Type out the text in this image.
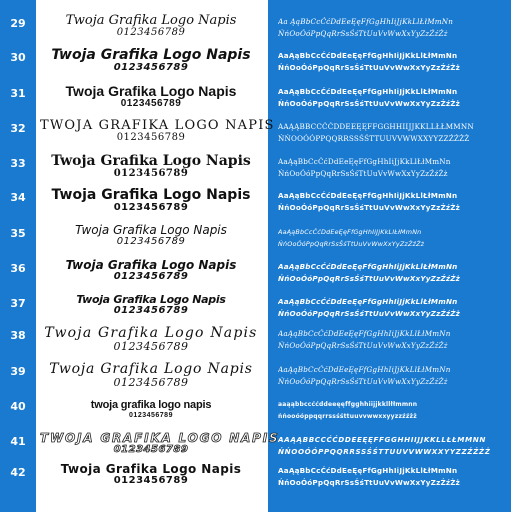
29	Twoja Grafika Logo Napis
0123456789
Aa ĄąBbCcĆćDdEeĘęFfGgHhIiJjKkLlŁłMmNn
ŃńOoÓóPpQqRrSsŚśTtUuVvWwXxYyZzŹźŻż
30	Twoja Grafika Logo Napis
0123456789
AaĄąBbCcĆćDdEeĘęFfGgHhIiJjKkLlŁłMmNn
ŃńOoÓóPpQqRrSsŚśTtUuVvWwXxYyZzŹźŻż
31	Twoja Grafika Logo Napis
0123456789
AaĄąBbCcĆćDdEeĘęFfGgHhIiJjKkLlŁłMmNn
ŃńOoÓóPpQqRrSsŚśTtUuVvWwXxYyZzŹźŻż
32	TWOJA GRAFIKA LOGO NAPIS
0123456789
AAĄĄBBCCĆĆDDEEĘĘFFGGHHIIJJKKLLŁŁMMNN
ŃŃOOÓÓPPQQRRSSŚŚTTUUVVWWXXYYZZŹŹŻŻ
33	Twoja Grafika Logo Napis
0123456789
AaĄąBbCcĆćDdEeĘęFfGgHhIiJjKkLlŁłMmNn
ŃńOoÓóPpQqRrSsŚśTtUuVvWwXxYyZzŹźŻż
34	Twoja Grafika Logo Napis
0123456789
AaĄąBbCcĆćDdEeĘęFfGgHhIiJjKkLlŁłMmNn
ŃńOoÓóPpQqRrSsŚśTtUuVvWwXxYyZzŹźŻż
35	Twoja Grafika Logo Napis
0123456789
AaĄąBbCcĆćDdEeĘęFfGgHhIiJjKkLlŁłMmNn
ŃńOoÓóPpQqRrSsŚśTtUuVvWwXxYyZzŹźŻż
36	Twoja Grafika Logo Napis
0123456789
AaĄąBbCcĆćDdEeĘęFfGgHhIiJjKkLlŁłMmNn
ŃńOoÓóPpQqRrSsŚśTtUuVvWwXxYyZzŹźŻż
37	Twoja Grafika Logo Napis
0123456789
AaĄąBbCcĆćDdEeĘęFfGgHhIiJjKkLlŁłMmNn
ŃńOoÓóPpQqRrSsŚśTtUuVvWwXxYyZzŹźŻż
38	Twoja Grafika Logo Napis
0123456789
AaĄąBbCcĆćDdEeĘęFfGgHhIiJjKkLlŁłMmNn
ŃńOoÓóPpQqRrSsŚśTtUuVvWwXxYyZzŹźŻż
39	Twoja Grafika Logo Napis
0123456789
AaĄąBbCcĆćDdEeĘęFfGgHhIiJjKkLlŁłMmNn
ŃńOoÓóPpQqRrSsŚśTtUuVvWwXxYyZzŹźŻż
40	twoja grafika logo napis
0123456789
aaąąbbccććddeeęęffgghhiijjkkllłłmmnn
ńńooóóppqqrrssśśttuuvvwwxxyyzzźźżż
41	TWOJA GRAFIKA LOGO NAPIS
0123456789
AAĄĄBBCCĆĆDDEEĘĘFFGGHHIIJJKKLLŁŁMMNN
ŃŃOOÓÓPPQQRRSSŚŚTTUUVVWWXXYYZZŹŹŻŻ
42	Twoja Grafika Logo Napis
0123456789
AaĄąBbCcĆćDdEeĘęFfGgHhIiJjKkLlŁłMmNn
ŃńOoÓóPpQqRrSsŚśTtUuVvWwXxYyZzŹźŻż
